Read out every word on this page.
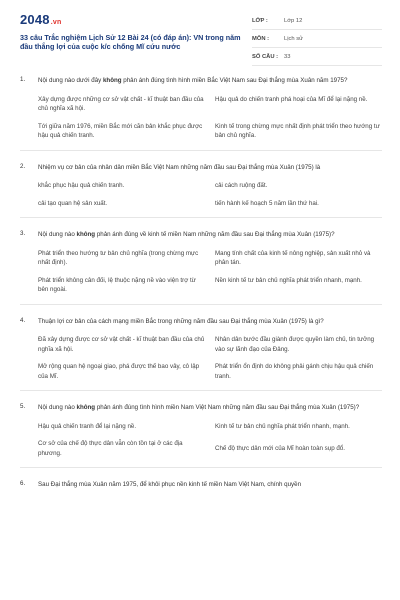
2048.vn
33 câu Trắc nghiệm Lịch Sử 12 Bài 24 (có đáp án): VN trong năm đầu thắng lợi của cuộc k/c chống Mĩ cứu nước
LỚP :	Lớp 12
MÔN :	Lịch sử
SỐ CÂU :	33
1. Nội dung nào dưới đây không phản ánh đúng tình hình miền Bắc Việt Nam sau Đại thắng mùa Xuân năm 1975?
Xây dựng được những cơ sở vật chất - kĩ thuật ban đầu của chủ nghĩa xã hội.
Hậu quả do chiến tranh phá hoại của Mĩ để lại nặng nề.
Tới giữa năm 1976, miền Bắc mới căn bản khắc phục được hậu quả chiến tranh.
Kinh tế trong chừng mực nhất định phát triển theo hướng tư bản chủ nghĩa.
2. Nhiệm vụ cơ bản của nhân dân miền Bắc Việt Nam những năm đầu sau Đại thắng mùa Xuân (1975) là
khắc phục hậu quả chiến tranh.	cải cách ruộng đất.
cải tạo quan hệ sản xuất.	tiến hành kế hoạch 5 năm lần thứ hai.
3. Nội dung nào không phản ánh đúng về kinh tế miền Nam những năm đầu sau Đại thắng mùa Xuân (1975)?
Phát triển theo hướng tư bản chủ nghĩa (trong chừng mực nhất định).
Mang tính chất của kinh tế nông nghiệp, sản xuất nhỏ và phân tán.
Phát triển không cân đối, lệ thuộc nặng nề vào viện trợ từ bên ngoài.
Nền kinh tế tư bản chủ nghĩa phát triển nhanh, mạnh.
4. Thuận lợi cơ bản của cách mạng miền Bắc trong những năm đầu sau Đại thắng mùa Xuân (1975) là gì?
Đã xây dựng được cơ sở vật chất - kĩ thuật ban đầu của chủ nghĩa xã hội.
Nhân dân bước đầu giành được quyền làm chủ, tin tưởng vào sự lãnh đạo của Đảng.
Mở rộng quan hệ ngoại giao, phá được thế bao vây, cô lập của Mĩ.
Phát triển ổn định do không phải gánh chịu hậu quả chiến tranh.
5. Nội dung nào không phản ánh đúng tình hình miền Nam Việt Nam những năm đầu sau Đại thắng mùa Xuân (1975)?
Hậu quả chiến tranh để lại nặng nề.	Kinh tế tư bản chủ nghĩa phát triển nhanh, mạnh.
Cơ sở của chế độ thực dân vẫn còn tồn tại ở các địa phương.
Chế độ thực dân mới của Mĩ hoàn toàn sụp đổ.
6. Sau Đại thắng mùa Xuân năm 1975, để khôi phục nền kinh tế miền Nam Việt Nam, chính quyền
